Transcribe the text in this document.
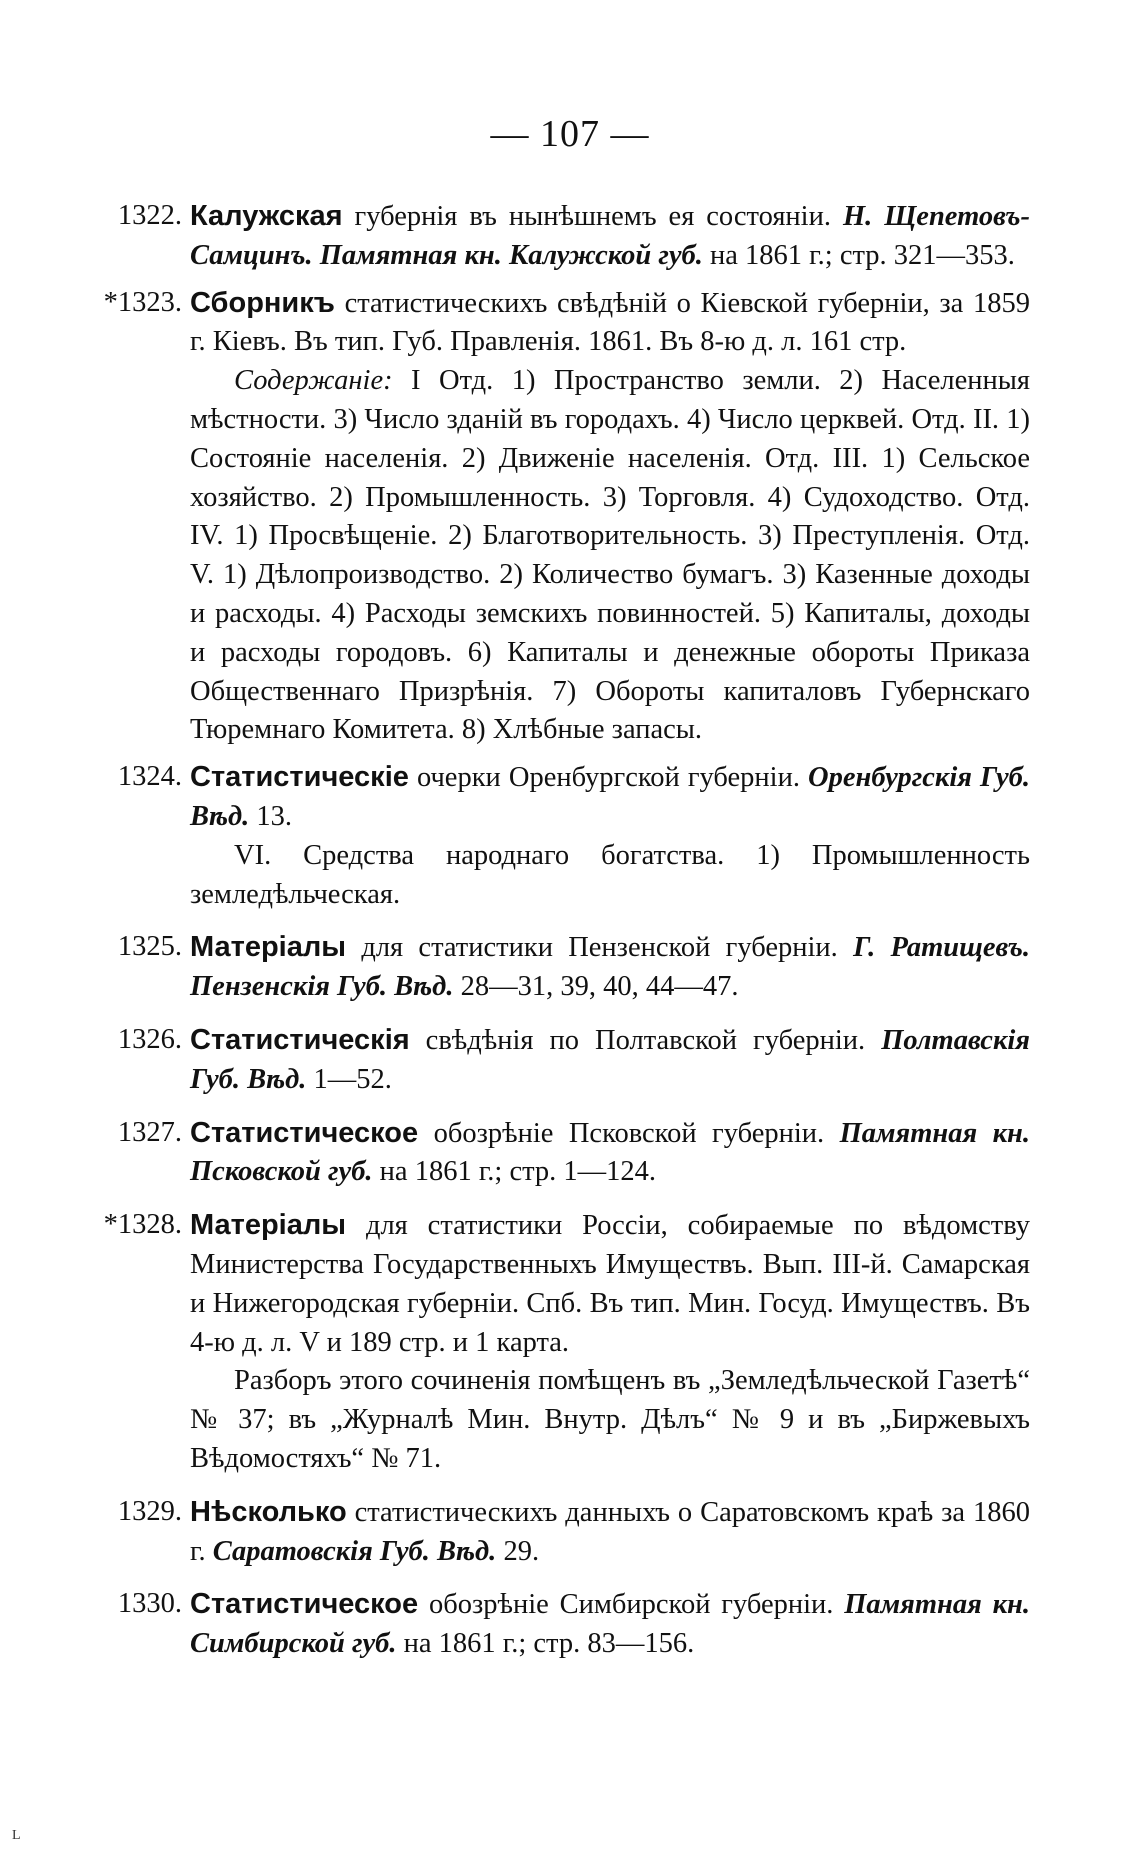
— 107 —
1322. Калужская губернія въ нынѣшнемъ ея состояніи. Н. Щепетовъ-Самцинъ. Памятная кн. Калужской губ. на 1861 г.; стр. 321—353.
*1323. Сборникъ статистическихъ свѣдѣній о Кіевской губерніи, за 1859 г. Кіевъ. Въ тип. Губ. Правленія. 1861. Въ 8-ю д. л. 161 стр.
Содержаніе: I Отд. 1) Пространство земли. 2) Населенныя мѣстности. 3) Число зданій въ городахъ. 4) Число церквей. Отд. II. 1) Состояніе населенія. 2) Движеніе населенія. Отд. III. 1) Сельское хозяйство. 2) Промышленность. 3) Торговля. 4) Судоходство. Отд. IV. 1) Просвѣщеніе. 2) Благотворительность. 3) Преступленія. Отд. V. 1) Дѣлопроизводство. 2) Количество бумагъ. 3) Казенные доходы и расходы. 4) Расходы земскихъ повинностей. 5) Капиталы, доходы и расходы городовъ. 6) Капиталы и денежные обороты Приказа Общественнаго Призрѣнія. 7) Обороты капиталовъ Губернскаго Тюремнаго Комитета. 8) Хлѣбные запасы.
1324. Статистическіе очерки Оренбургской губерніи. Оренбургскія Губ. Вѣд. 13.
VI. Средства народнаго богатства. 1) Промышленность земледѣльческая.
1325. Матеріалы для статистики Пензенской губерніи. Г. Ратищевъ. Пензенскія Губ. Вѣд. 28—31, 39, 40, 44—47.
1326. Статистическія свѣдѣнія по Полтавской губерніи. Полтавскія Губ. Вѣд. 1—52.
1327. Статистическое обозрѣніе Псковской губерніи. Памятная кн. Псковской губ. на 1861 г.; стр. 1—124.
*1328. Матеріалы для статистики Россіи, собираемые по вѣдомству Министерства Государственныхъ Имуществъ. Вып. III-й. Самарская и Нижегородская губерніи. Спб. Въ тип. Мин. Госуд. Имуществъ. Въ 4-ю д. л. V и 189 стр. и 1 карта.
Разборъ этого сочиненія помѣщенъ въ „Земледѣльческой Газетѣ“ № 37; въ „Журналѣ Мин. Внутр. Дѣлъ“ № 9 и въ „Биржевыхъ Вѣдомостяхъ“ № 71.
1329. Нѣсколько статистическихъ данныхъ о Саратовскомъ краѣ за 1860 г. Саратовскія Губ. Вѣд. 29.
1330. Статистическое обозрѣніе Симбирской губерніи. Памятная кн. Симбирской губ. на 1861 г.; стр. 83—156.
L
